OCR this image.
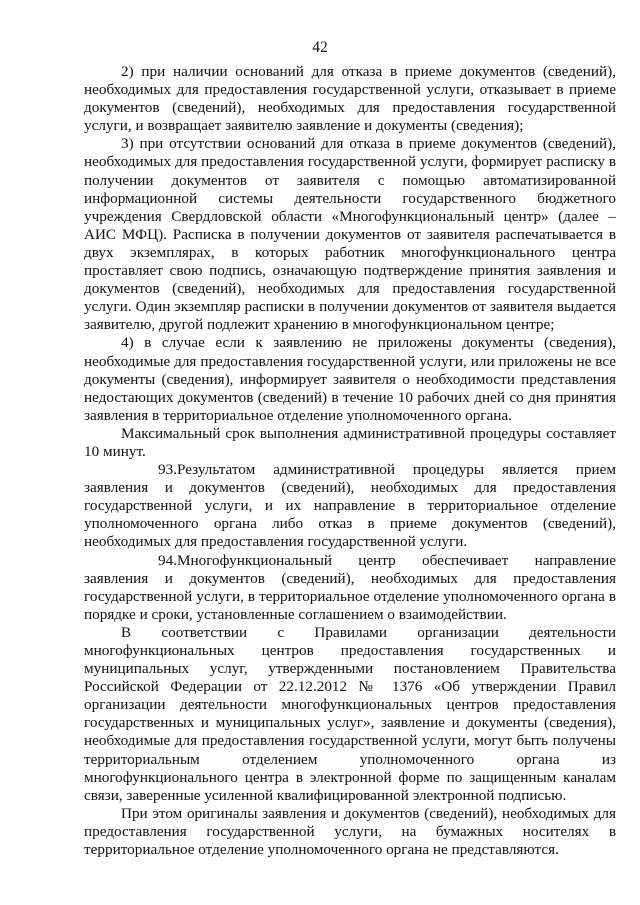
42

2) при наличии оснований для отказа в приеме документов (сведений), необходимых для предоставления государственной услуги, отказывает в приеме документов (сведений), необходимых для предоставления государственной услуги, и возвращает заявителю заявление и документы (сведения);

3) при отсутствии оснований для отказа в приеме документов (сведений), необходимых для предоставления государственной услуги, формирует расписку в получении документов от заявителя с помощью автоматизированной информационной системы деятельности государственного бюджетного учреждения Свердловской области «Многофункциональный центр» (далее – АИС МФЦ). Расписка в получении документов от заявителя распечатывается в двух экземплярах, в которых работник многофункционального центра проставляет свою подпись, означающую подтверждение принятия заявления и документов (сведений), необходимых для предоставления государственной услуги. Один экземпляр расписки в получении документов от заявителя выдается заявителю, другой подлежит хранению в многофункциональном центре;

4) в случае если к заявлению не приложены документы (сведения), необходимые для предоставления государственной услуги, или приложены не все документы (сведения), информирует заявителя о необходимости представления недостающих документов (сведений) в течение 10 рабочих дней со дня принятия заявления в территориальное отделение уполномоченного органа.

Максимальный срок выполнения административной процедуры составляет 10 минут.

93.Результатом административной процедуры является прием заявления и документов (сведений), необходимых для предоставления государственной услуги, и их направление в территориальное отделение уполномоченного органа либо отказ в приеме документов (сведений), необходимых для предоставления государственной услуги.

94.Многофункциональный центр обеспечивает направление заявления и документов (сведений), необходимых для предоставления государственной услуги, в территориальное отделение уполномоченного органа в порядке и сроки, установленные соглашением о взаимодействии.

В соответствии с Правилами организации деятельности многофункциональных центров предоставления государственных и муниципальных услуг, утвержденными постановлением Правительства Российской Федерации от 22.12.2012 № 1376 «Об утверждении Правил организации деятельности многофункциональных центров предоставления государственных и муниципальных услуг», заявление и документы (сведения), необходимые для предоставления государственной услуги, могут быть получены территориальным отделением уполномоченного органа из многофункционального центра в электронной форме по защищенным каналам связи, заверенные усиленной квалифицированной электронной подписью.

При этом оригиналы заявления и документов (сведений), необходимых для предоставления государственной услуги, на бумажных носителях в территориальное отделение уполномоченного органа не представляются.
